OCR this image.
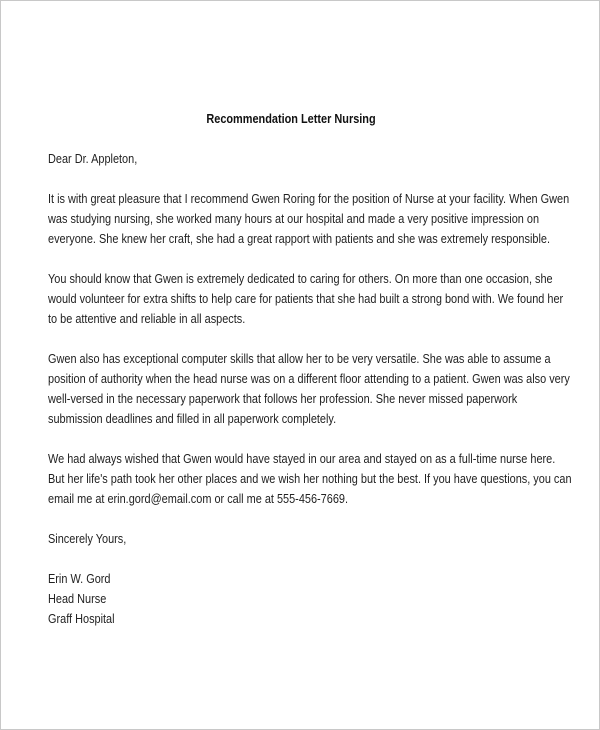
Recommendation Letter Nursing
Dear Dr. Appleton,
It is with great pleasure that I recommend Gwen Roring for the position of Nurse at your facility. When Gwen
was studying nursing, she worked many hours at our hospital and made a very positive impression on
everyone. She knew her craft, she had a great rapport with patients and she was extremely responsible.
You should know that Gwen is extremely dedicated to caring for others. On more than one occasion, she
would volunteer for extra shifts to help care for patients that she had built a strong bond with. We found her
to be attentive and reliable in all aspects.
Gwen also has exceptional computer skills that allow her to be very versatile. She was able to assume a
position of authority when the head nurse was on a different floor attending to a patient. Gwen was also very
well-versed in the necessary paperwork that follows her profession. She never missed paperwork
submission deadlines and filled in all paperwork completely.
We had always wished that Gwen would have stayed in our area and stayed on as a full-time nurse here.
But her life's path took her other places and we wish her nothing but the best. If you have questions, you can
email me at erin.gord@email.com or call me at 555-456-7669.
Sincerely Yours,
Erin W. Gord
Head Nurse
Graff Hospital
